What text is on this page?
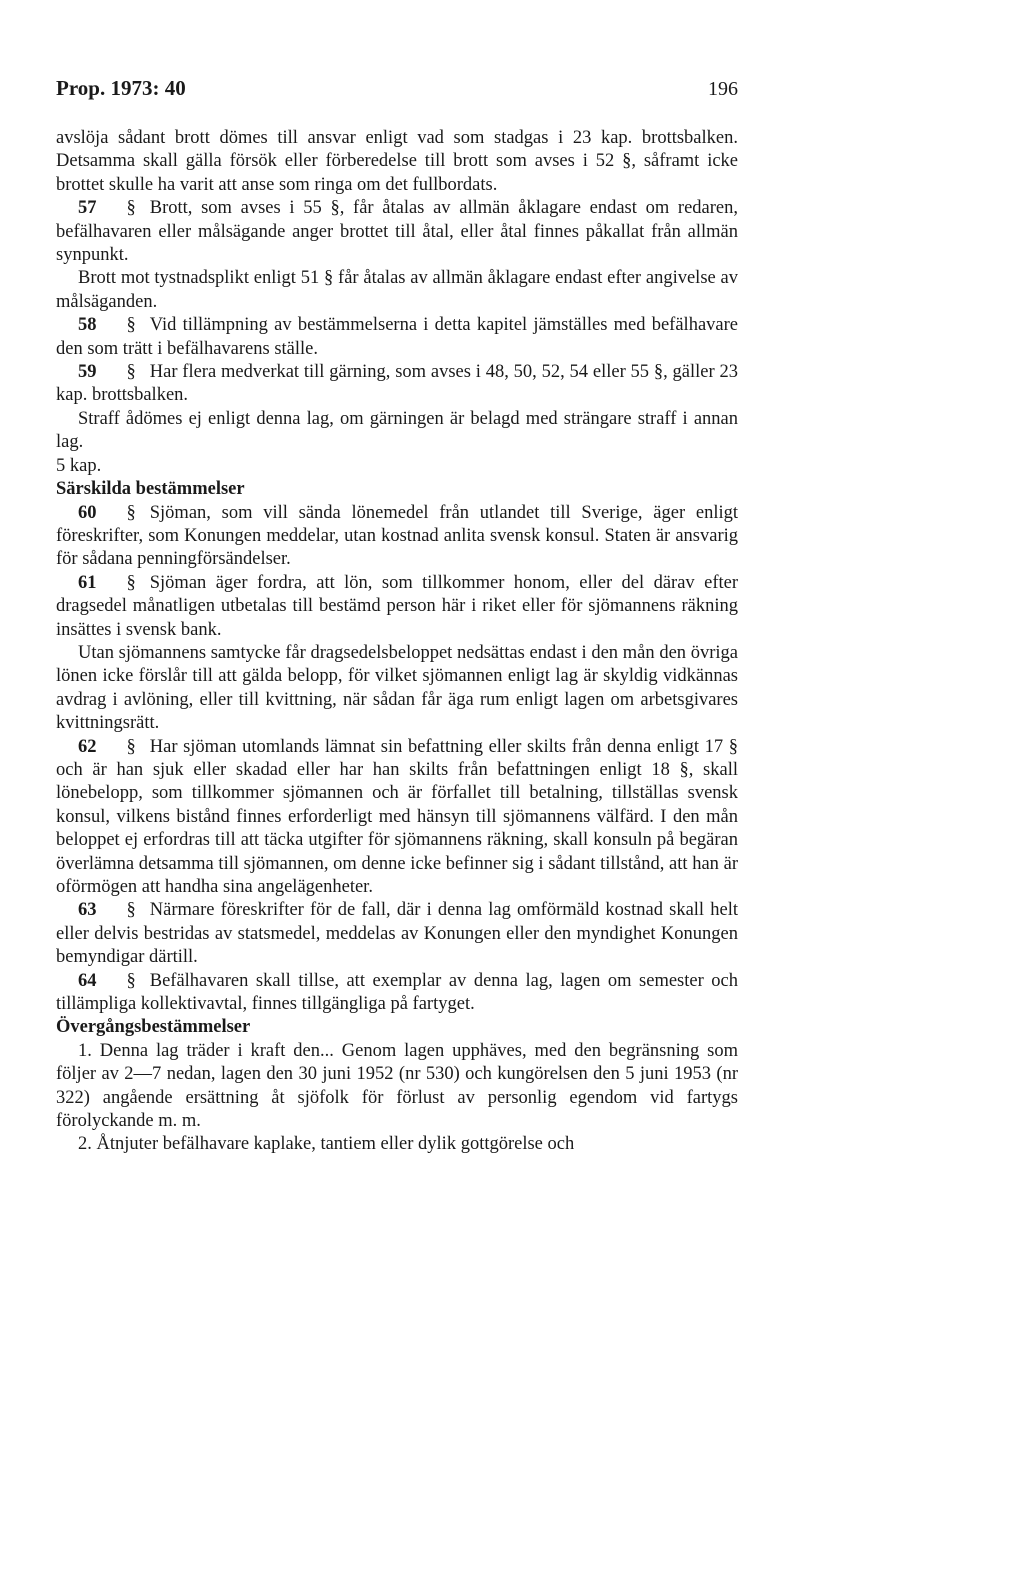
Prop. 1973: 40	196

avslöja sådant brott dömes till ansvar enligt vad som stadgas i 23 kap. brottsbalken. Detsamma skall gälla försök eller förberedelse till brott som avses i 52 §, såframt icke brottet skulle ha varit att anse som ringa om det fullbordats.

57 § Brott, som avses i 55 §, får åtalas av allmän åklagare endast om redaren, befälhavaren eller målsägande anger brottet till åtal, eller åtal finnes påkallat från allmän synpunkt.

Brott mot tystnadsplikt enligt 51 § får åtalas av allmän åklagare endast efter angivelse av målsäganden.

58 § Vid tillämpning av bestämmelserna i detta kapitel jämställes med befälhavare den som trätt i befälhavarens ställe.

59 § Har flera medverkat till gärning, som avses i 48, 50, 52, 54 eller 55 §, gäller 23 kap. brottsbalken.

Straff ådömes ej enligt denna lag, om gärningen är belagd med strängare straff i annan lag.

5 kap.

Särskilda bestämmelser

60 § Sjöman, som vill sända lönemedel från utlandet till Sverige, äger enligt föreskrifter, som Konungen meddelar, utan kostnad anlita svensk konsul. Staten är ansvarig för sådana penningförsändelser.

61 § Sjöman äger fordra, att lön, som tillkommer honom, eller del därav efter dragsedel månatligen utbetalas till bestämd person här i riket eller för sjömannens räkning insättes i svensk bank.

Utan sjömannens samtycke får dragsedelsbeloppet nedsättas endast i den mån den övriga lönen icke förslår till att gälda belopp, för vilket sjömannen enligt lag är skyldig vidkännas avdrag i avlöning, eller till kvittning, när sådan får äga rum enligt lagen om arbetsgivares kvittningsrätt.

62 § Har sjöman utomlands lämnat sin befattning eller skilts från denna enligt 17 § och är han sjuk eller skadad eller har han skilts från befattningen enligt 18 §, skall lönebelopp, som tillkommer sjömannen och är förfallet till betalning, tillställas svensk konsul, vilkens bistånd finnes erforderligt med hänsyn till sjömannens välfärd. I den mån beloppet ej erfordras till att täcka utgifter för sjömannens räkning, skall konsuln på begäran överlämna detsamma till sjömannen, om denne icke befinner sig i sådant tillstånd, att han är oförmögen att handha sina angelägenheter.

63 § Närmare föreskrifter för de fall, där i denna lag omförmäld kostnad skall helt eller delvis bestridas av statsmedel, meddelas av Konungen eller den myndighet Konungen bemyndigar därtill.

64 § Befälhavaren skall tillse, att exemplar av denna lag, lagen om semester och tillämpliga kollektivavtal, finnes tillgängliga på fartyget.

Övergångsbestämmelser

1. Denna lag träder i kraft den... Genom lagen upphäves, med den begränsning som följer av 2—7 nedan, lagen den 30 juni 1952 (nr 530) och kungörelsen den 5 juni 1953 (nr 322) angående ersättning åt sjöfolk för förlust av personlig egendom vid fartygs förolyckande m. m.

2. Åtnjuter befälhavare kaplake, tantiem eller dylik gottgörelse och
